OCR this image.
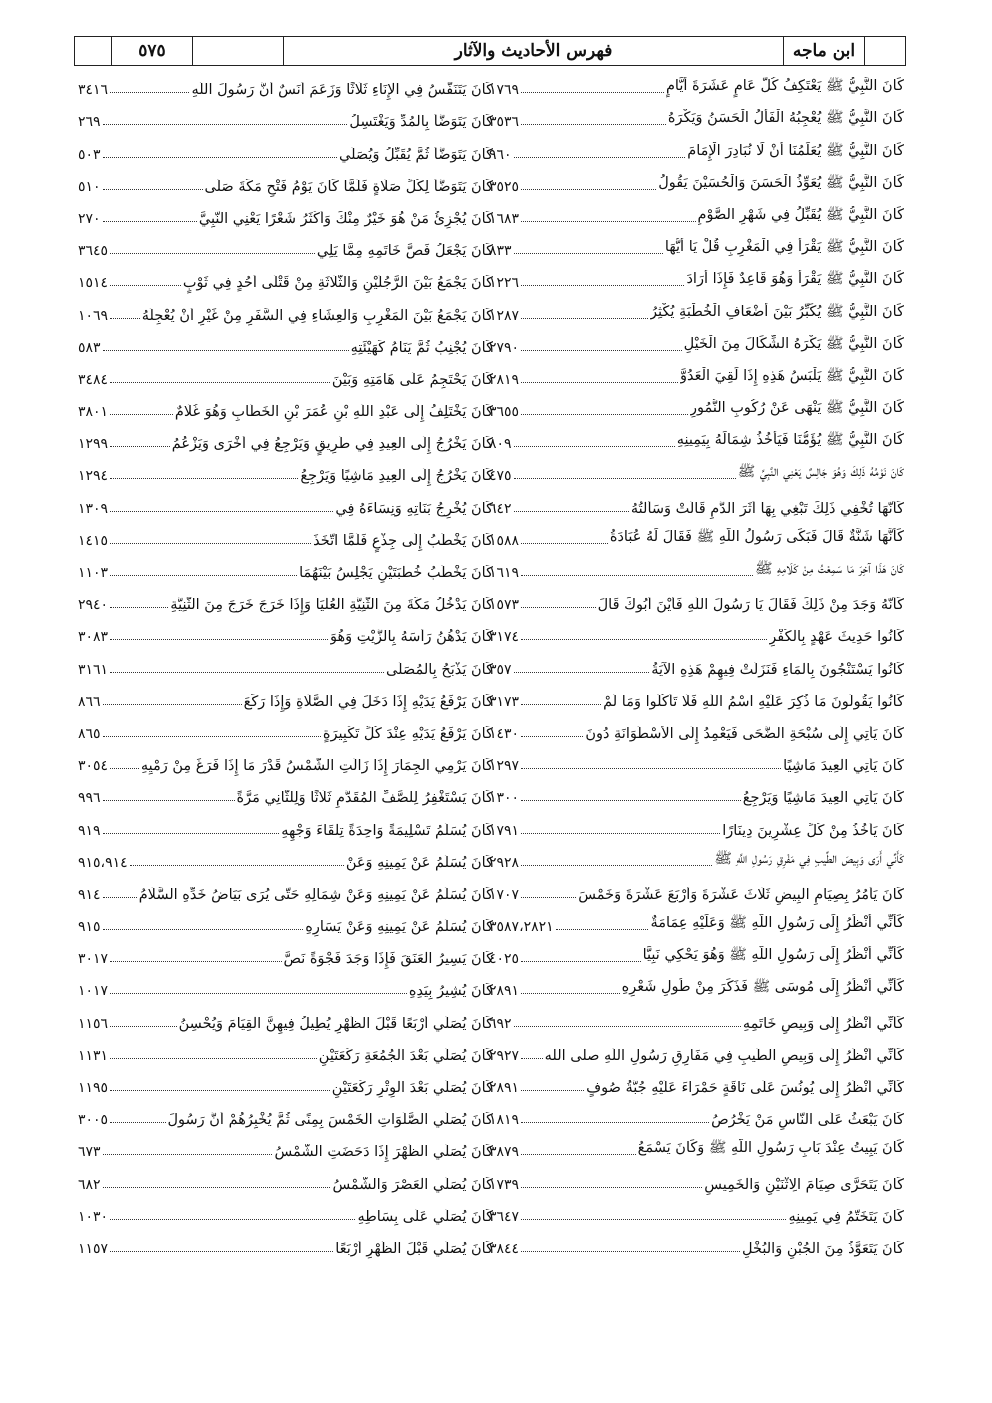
٥٧٥	فهرس الأحاديث والآثار	ابن ماجه
كَانَ النَّبِيُّ ﷺ يَعْتَكِفُ كُلَّ عَامٍ عَشَرَةَ أَيَّامٍ
١٧٦٩
كَانَ النَّبِيُّ ﷺ يُعْجِبُهُ الْفَأْلُ الْحَسَنُ وَيَكْرَهُ
٣٥٣٦
كَانَ النَّبِيُّ ﷺ يُعَلِّمُنَا أَنْ لَا نُبَادِرَ الْإِمَامَ
٩٦٠
كَانَ النَّبِيُّ ﷺ يُعَوِّذُ الْحَسَنَ وَالْحُسَيْنَ يَقُولُ
٣٥٢٥
كَانَ النَّبِيُّ ﷺ يُقَبِّلُ فِي شَهْرِ الصَّوْمِ
١٦٨٣
كَانَ النَّبِيُّ ﷺ يَقْرَأُ فِي الْمَغْرِبِ قُلْ يَا أَيُّهَا
٨٣٣
كَانَ النَّبِيُّ ﷺ يَقْرَأُ وَهُوَ قَاعِدٌ فَإِذَا أَرَادَ
١٢٢٦
كَانَ النَّبِيُّ ﷺ يُكَبِّرُ بَيْنَ أَضْعَافِ الْخُطْبَةِ يُكْثِرُ
١٢٨٧
كَانَ النَّبِيُّ ﷺ يَكْرَهُ الشِّكَالَ مِنَ الْخَيْلِ
٢٧٩٠
كَانَ النَّبِيُّ ﷺ يَلْبَسُ هَذِهِ إِذَا لَقِيَ الْعَدُوَّ
٢٨١٩
كَانَ النَّبِيُّ ﷺ يَنْهَى عَنْ رُكُوبِ النُّمُورِ
٣٦٥٥
كَانَ النَّبِيُّ ﷺ يُؤَمُّنَا فَيَأْخُذُ شِمَالَهُ بِيَمِينِهِ
٨٠٩
كَانَ نَوْمُهُ ذَلِكَ وَهُوَ جَالِسٌ يَعْنِي النَّبِيَّ ﷺ
٤٧٥
كَأَنَّهَا تُخْفِي ذَلِكَ تَبْغِي بِهَا أَثَرَ الدَّمِ قَالَتْ وَسَأَلْتُهُ
٦٤٢
كَأَنَّهَا شَنَّةٌ قَالَ فَبَكَى رَسُولُ اللَّهِ ﷺ فَقَالَ لَهُ عُبَادَةُ
١٥٨٨
كَانَ هَذَا آخِرَ مَا سَمِعْتُ مِنْ كَلَامِهِ ﷺ
١٦١٩
كَأَنَّهُ وَجَدَ مِنْ ذَلِكَ فَقَالَ يَا رَسُولَ اللَّهِ فَأَيْنَ أَبُوكَ قَالَ
١٥٧٣
كَانُوا حَدِيثَ عَهْدٍ بِالْكُفْرِ
٣١٧٤
كَانُوا يَسْتَنْجُونَ بِالْمَاءِ فَنَزَلَتْ فِيهِمْ هَذِهِ الْآيَةُ
٣٥٧
كَانُوا يَقُولُونَ مَا ذُكِرَ عَلَيْهِ اسْمُ اللَّهِ فَلَا تَأْكُلُوا وَمَا لَمْ
٣١٧٣
كَانَ يَأْتِي إِلَى سُبْحَةِ الضُّحَى فَيَعْمِدُ إِلَى الْأُسْطُوَانَةِ دُونَ
١٤٣٠
كَانَ يَأْتِي الْعِيدَ مَاشِيًا
١٢٩٧
كَانَ يَأْتِي الْعِيدَ مَاشِيًا وَيَرْجِعُ
١٣٠٠
كَانَ يَأْخُذُ مِنْ كُلِّ عِشْرِينَ دِينَارًا
١٧٩١
كَأَنِّي أَرَى وَبِيصَ الطِّيبِ فِي مَفْرِقِ رَسُولِ اللَّهِ ﷺ
٢٩٢٨
كَانَ يَأْمُرُ بِصِيَامِ الْبِيضِ ثَلَاثَ عَشْرَةَ وَأَرْبَعَ عَشْرَةَ وَخَمْسَ
١٧٠٧
كَأَنِّي أَنْظُرُ إِلَى رَسُولِ اللَّهِ ﷺ وَعَلَيْهِ عِمَامَةٌ
٣٥٨٧،٢٨٢١
كَأَنِّي أَنْظُرُ إِلَى رَسُولِ اللَّهِ ﷺ وَهُوَ يَحْكِي نَبِيًّا
٤٠٢٥
كَأَنِّي أَنْظُرُ إِلَى مُوسَى ﷺ فَذَكَرَ مِنْ طُولِ شَعْرِهِ
٢٨٩١
كَأَنِّي أَنْظُرُ إِلَى وَبِيصِ خَاتَمِهِ
٦٩٢
كَأَنِّي أَنْظُرُ إِلَى وَبِيصِ الطِّيبِ فِي مَفَارِقِ رَسُولِ اللَّهِ صلى الله
٢٩٢٧
كَأَنِّي أَنْظُرُ إِلَى يُونُسَ عَلَى نَاقَةٍ حَمْرَاءَ عَلَيْهِ جُبَّةُ صُوفٍ
٢٨٩١
كَانَ يَبْعَثُ عَلَى النَّاسِ مَنْ يَخْرُصُ
١٨١٩
كَانَ يَبِيتُ عِنْدَ بَابِ رَسُولِ اللَّهِ ﷺ وَكَانَ يَسْمَعُ
٣٨٧٩
كَانَ يَتَحَرَّى صِيَامَ الِاثْنَيْنِ وَالْخَمِيسِ
١٧٣٩
كَانَ يَتَخَتَّمُ فِي يَمِينِهِ
٣٦٤٧
كَانَ يَتَعَوَّذُ مِنَ الْجُبْنِ وَالْبُخْلِ
٣٨٤٤
كَانَ يَتَنَفَّسُ فِي الْإِنَاءِ ثَلَاثًا وَزَعَمَ أَنَسٌ أَنَّ رَسُولَ اللَّهِ
٣٤١٦
كَانَ يَتَوَضَّأُ بِالْمُدِّ وَيَغْتَسِلُ
٢٦٩
كَانَ يَتَوَضَّأُ ثُمَّ يُقَبِّلُ وَيُصَلِّي
٥٠٣
كَانَ يَتَوَضَّأُ لِكُلِّ صَلَاةٍ فَلَمَّا كَانَ يَوْمُ فَتْحِ مَكَّةَ صَلَّى
٥١٠
كَانَ يُجْزِئُ مَنْ هُوَ خَيْرٌ مِنْكَ وَأَكْثَرُ شَعْرًا يَعْنِي النَّبِيَّ
٢٧٠
كَانَ يَجْعَلُ فَصَّ خَاتَمِهِ مِمَّا يَلِي
٣٦٤٥
كَانَ يَجْمَعُ بَيْنَ الرَّجُلَيْنِ وَالثَّلَاثَةِ مِنْ قَتْلَى أُحُدٍ فِي ثَوْبٍ
١٥١٤
كَانَ يَجْمَعُ بَيْنَ الْمَغْرِبِ وَالْعِشَاءِ فِي السَّفَرِ مِنْ غَيْرِ أَنْ يُعْجِلَهُ
١٠٦٩
كَانَ يُجْنِبُ ثُمَّ يَنَامُ كَهَيْئَتِهِ
٥٨٣
كَانَ يَحْتَجِمُ عَلَى هَامَتِهِ وَبَيْنَ
٣٤٨٤
كَانَ يَخْتَلِفُ إِلَى عَبْدِ اللَّهِ بْنِ عُمَرَ بْنِ الْخَطَّابِ وَهُوَ غُلَامٌ
٣٨٠١
كَانَ يَخْرُجُ إِلَى الْعِيدِ فِي طَرِيقٍ وَيَرْجِعُ فِي أُخْرَى وَيَزْعُمُ
١٢٩٩
كَانَ يَخْرُجُ إِلَى الْعِيدِ مَاشِيًا وَيَرْجِعُ
١٢٩٤
كَانَ يُخْرِجُ بَنَاتِهِ وَنِسَاءَهُ فِي
١٣٠٩
كَانَ يَخْطُبُ إِلَى جِذْعٍ فَلَمَّا اتَّخَذَ
١٤١٥
كَانَ يَخْطُبُ خُطْبَتَيْنِ يَجْلِسُ بَيْنَهُمَا
١١٠٣
كَانَ يَدْخُلُ مَكَّةَ مِنَ الثَّنِيَّةِ الْعُلْيَا وَإِذَا خَرَجَ خَرَجَ مِنَ الثَّنِيَّةِ
٢٩٤٠
كَانَ يَدْهُنُ رَأْسَهُ بِالزَّيْتِ وَهُوَ
٣٠٨٣
كَانَ يَذْبَحُ بِالْمُصَلَّى
٣١٦١
كَانَ يَرْفَعُ يَدَيْهِ إِذَا دَخَلَ فِي الصَّلَاةِ وَإِذَا رَكَعَ
٨٦٦
كَانَ يَرْفَعُ يَدَيْهِ عِنْدَ كُلِّ تَكْبِيرَةٍ
٨٦٥
كَانَ يَرْمِي الْجِمَارَ إِذَا زَالَتِ الشَّمْسُ قَدْرَ مَا إِذَا فَرَغَ مِنْ رَمْيِهِ
٣٠٥٤
كَانَ يَسْتَغْفِرُ لِلصَّفِّ الْمُقَدَّمِ ثَلَاثًا وَلِلثَّانِي مَرَّةً
٩٩٦
كَانَ يُسَلِّمُ تَسْلِيمَةً وَاحِدَةً تِلْقَاءَ وَجْهِهِ
٩١٩
كَانَ يُسَلِّمُ عَنْ يَمِينِهِ وَعَنْ
٩١٥،٩١٤
كَانَ يُسَلِّمُ عَنْ يَمِينِهِ وَعَنْ شِمَالِهِ حَتَّى يُرَى بَيَاضُ خَدِّهِ السَّلَامُ
٩١٤
كَانَ يُسَلِّمُ عَنْ يَمِينِهِ وَعَنْ يَسَارِهِ
٩١٥
كَانَ يَسِيرُ الْعَنَقَ فَإِذَا وَجَدَ فَجْوَةً نَصَّ
٣٠١٧
كَانَ يُشِيرُ بِيَدِهِ
١٠١٧
كَانَ يُصَلِّي أَرْبَعًا قَبْلَ الظُّهْرِ يُطِيلُ فِيهِنَّ الْقِيَامَ وَيُحْسِنُ
١١٥٦
كَانَ يُصَلِّي بَعْدَ الْجُمُعَةِ رَكْعَتَيْنِ
١١٣١
كَانَ يُصَلِّي بَعْدَ الْوِتْرِ رَكْعَتَيْنِ
١١٩٥
كَانَ يُصَلِّي الصَّلَوَاتِ الْخَمْسَ بِمِنًى ثُمَّ يُخْبِرُهُمْ أَنَّ رَسُولَ
٣٠٠٥
كَانَ يُصَلِّي الظُّهْرَ إِذَا دَحَضَتِ الشَّمْسُ
٦٧٣
كَانَ يُصَلِّي الْعَصْرَ وَالشَّمْسُ
٦٨٢
كَانَ يُصَلِّي عَلَى بِسَاطِهِ
١٠٣٠
كَانَ يُصَلِّي قَبْلَ الظُّهْرِ أَرْبَعًا
١١٥٧
